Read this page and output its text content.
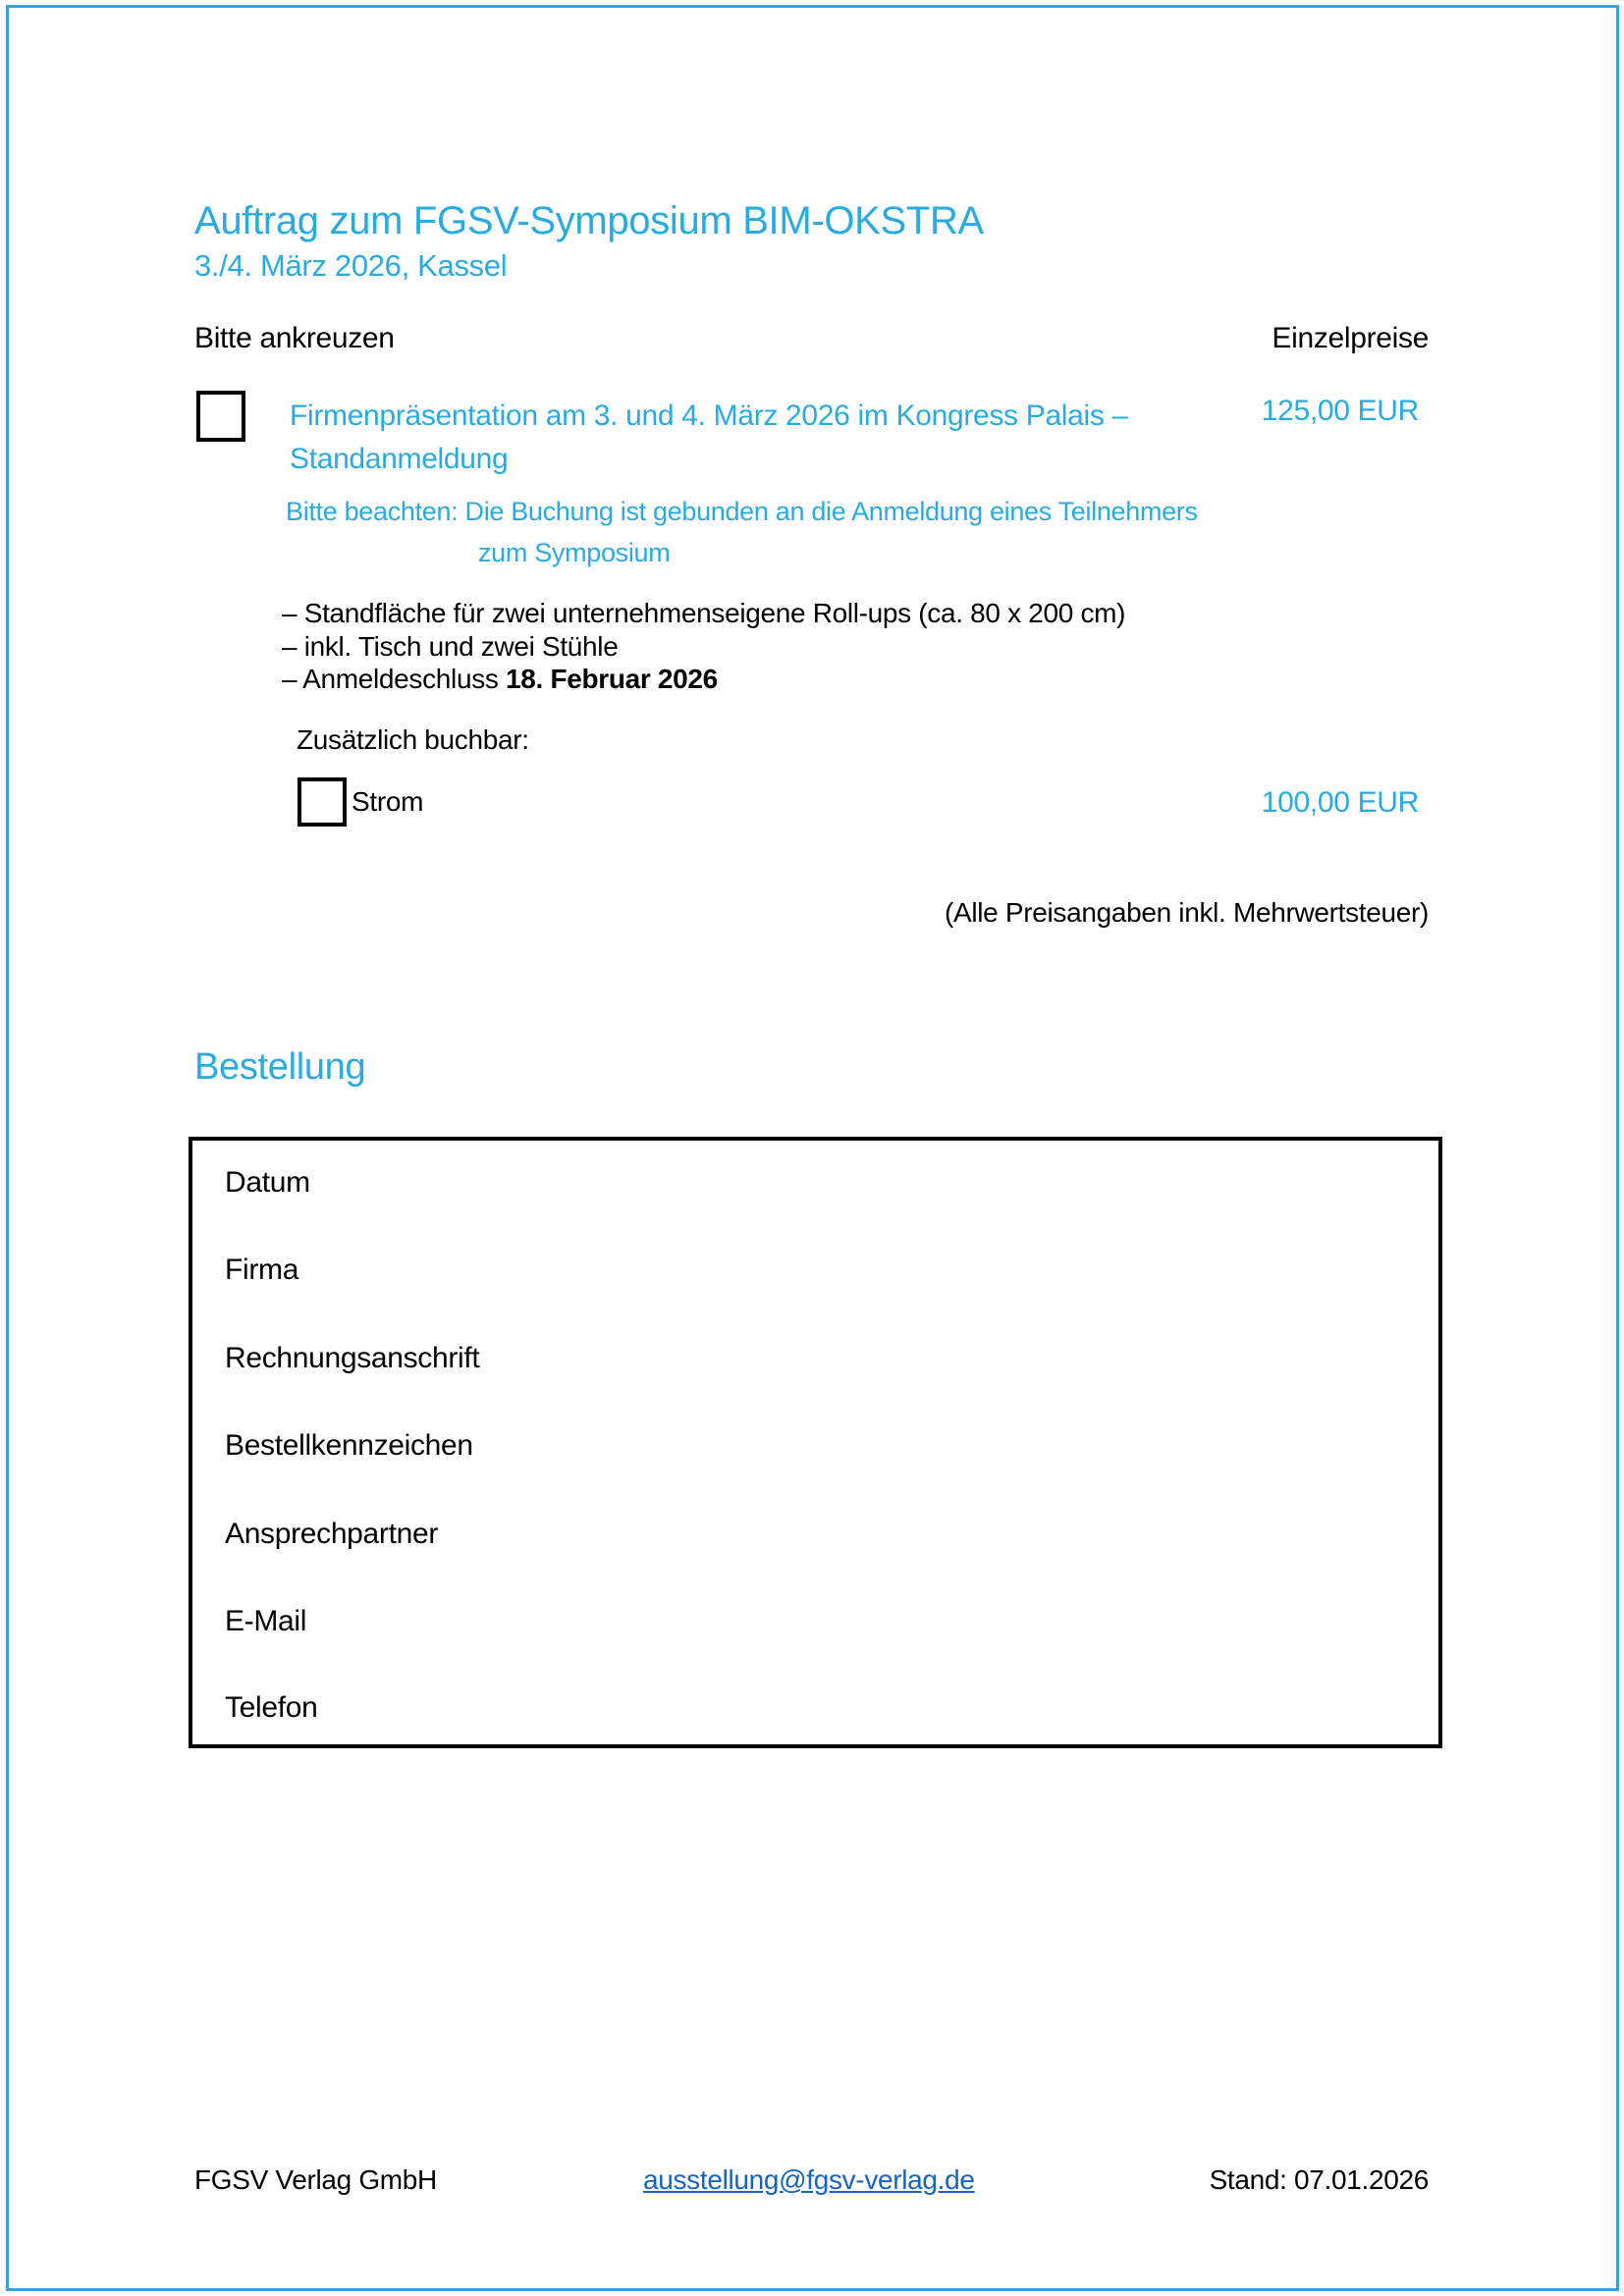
Auftrag zum FGSV-Symposium BIM-OKSTRA
3./4. März 2026, Kassel
Bitte ankreuzen	Einzelpreise
Firmenpräsentation am 3. und 4. März 2026 im Kongress Palais –
Standanmeldung
125,00 EUR
Bitte beachten: Die Buchung ist gebunden an die Anmeldung eines Teilnehmers
zum Symposium
– Standfläche für zwei unternehmenseigene Roll-ups (ca. 80 x 200 cm)
– inkl. Tisch und zwei Stühle
– Anmeldeschluss 18. Februar 2026
Zusätzlich buchbar:
Strom	100,00 EUR
(Alle Preisangaben inkl. Mehrwertsteuer)
Bestellung
Datum
Firma
Rechnungsanschrift
Bestellkennzeichen
Ansprechpartner
E-Mail
Telefon
FGSV Verlag GmbH	ausstellung@fgsv-verlag.de	Stand: 07.01.2026
